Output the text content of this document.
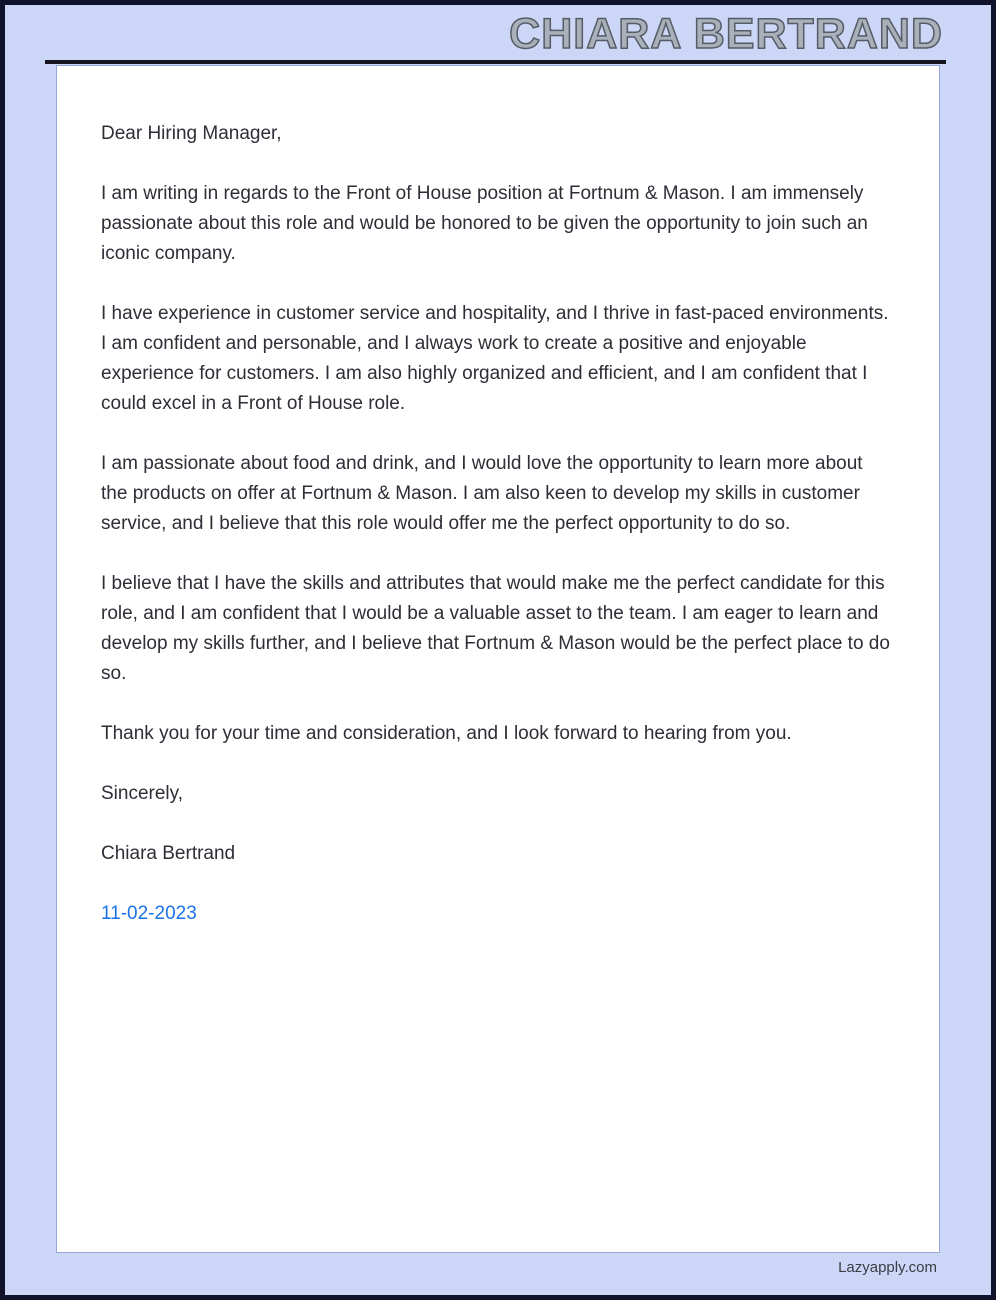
CHIARA BERTRAND

Dear Hiring Manager,

I am writing in regards to the Front of House position at Fortnum & Mason. I am immensely passionate about this role and would be honored to be given the opportunity to join such an iconic company.

I have experience in customer service and hospitality, and I thrive in fast-paced environments. I am confident and personable, and I always work to create a positive and enjoyable experience for customers. I am also highly organized and efficient, and I am confident that I could excel in a Front of House role.

I am passionate about food and drink, and I would love the opportunity to learn more about the products on offer at Fortnum & Mason. I am also keen to develop my skills in customer service, and I believe that this role would offer me the perfect opportunity to do so.

I believe that I have the skills and attributes that would make me the perfect candidate for this role, and I am confident that I would be a valuable asset to the team. I am eager to learn and develop my skills further, and I believe that Fortnum & Mason would be the perfect place to do so.

Thank you for your time and consideration, and I look forward to hearing from you.

Sincerely,

Chiara Bertrand

11-02-2023

Lazyapply.com
